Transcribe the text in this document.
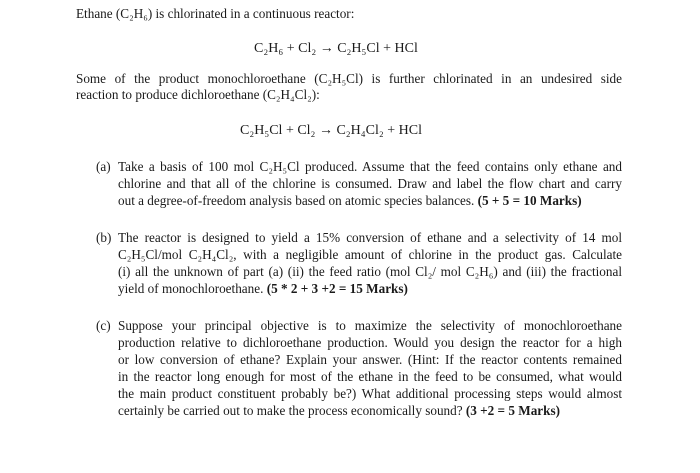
Ethane (C₂H₆) is chlorinated in a continuous reactor:
C₂H₆ + Cl₂ → C₂H₅Cl + HCl
Some of the product monochloroethane (C₂H₅Cl) is further chlorinated in an undesired side
reaction to produce dichloroethane (C₂H₄Cl₂):
C₂H₅Cl + Cl₂ → C₂H₄Cl₂ + HCl
(a) Take a basis of 100 mol C₂H₅Cl produced. Assume that the feed contains only ethane and
chlorine and that all of the chlorine is consumed. Draw and label the flow chart and carry
out a degree-of-freedom analysis based on atomic species balances. (5 + 5 = 10 Marks)
(b) The reactor is designed to yield a 15% conversion of ethane and a selectivity of 14 mol
C₂H₅Cl/mol C₂H₄Cl₂, with a negligible amount of chlorine in the product gas. Calculate
(i) all the unknown of part (a) (ii) the feed ratio (mol Cl₂/ mol C₂H₆) and (iii) the fractional
yield of monochloroethane. (5 * 2 + 3 +2 = 15 Marks)
(c) Suppose your principal objective is to maximize the selectivity of monochloroethane
production relative to dichloroethane production. Would you design the reactor for a high
or low conversion of ethane? Explain your answer. (Hint: If the reactor contents remained
in the reactor long enough for most of the ethane in the feed to be consumed, what would
the main product constituent probably be?) What additional processing steps would almost
certainly be carried out to make the process economically sound? (3 +2 = 5 Marks)
